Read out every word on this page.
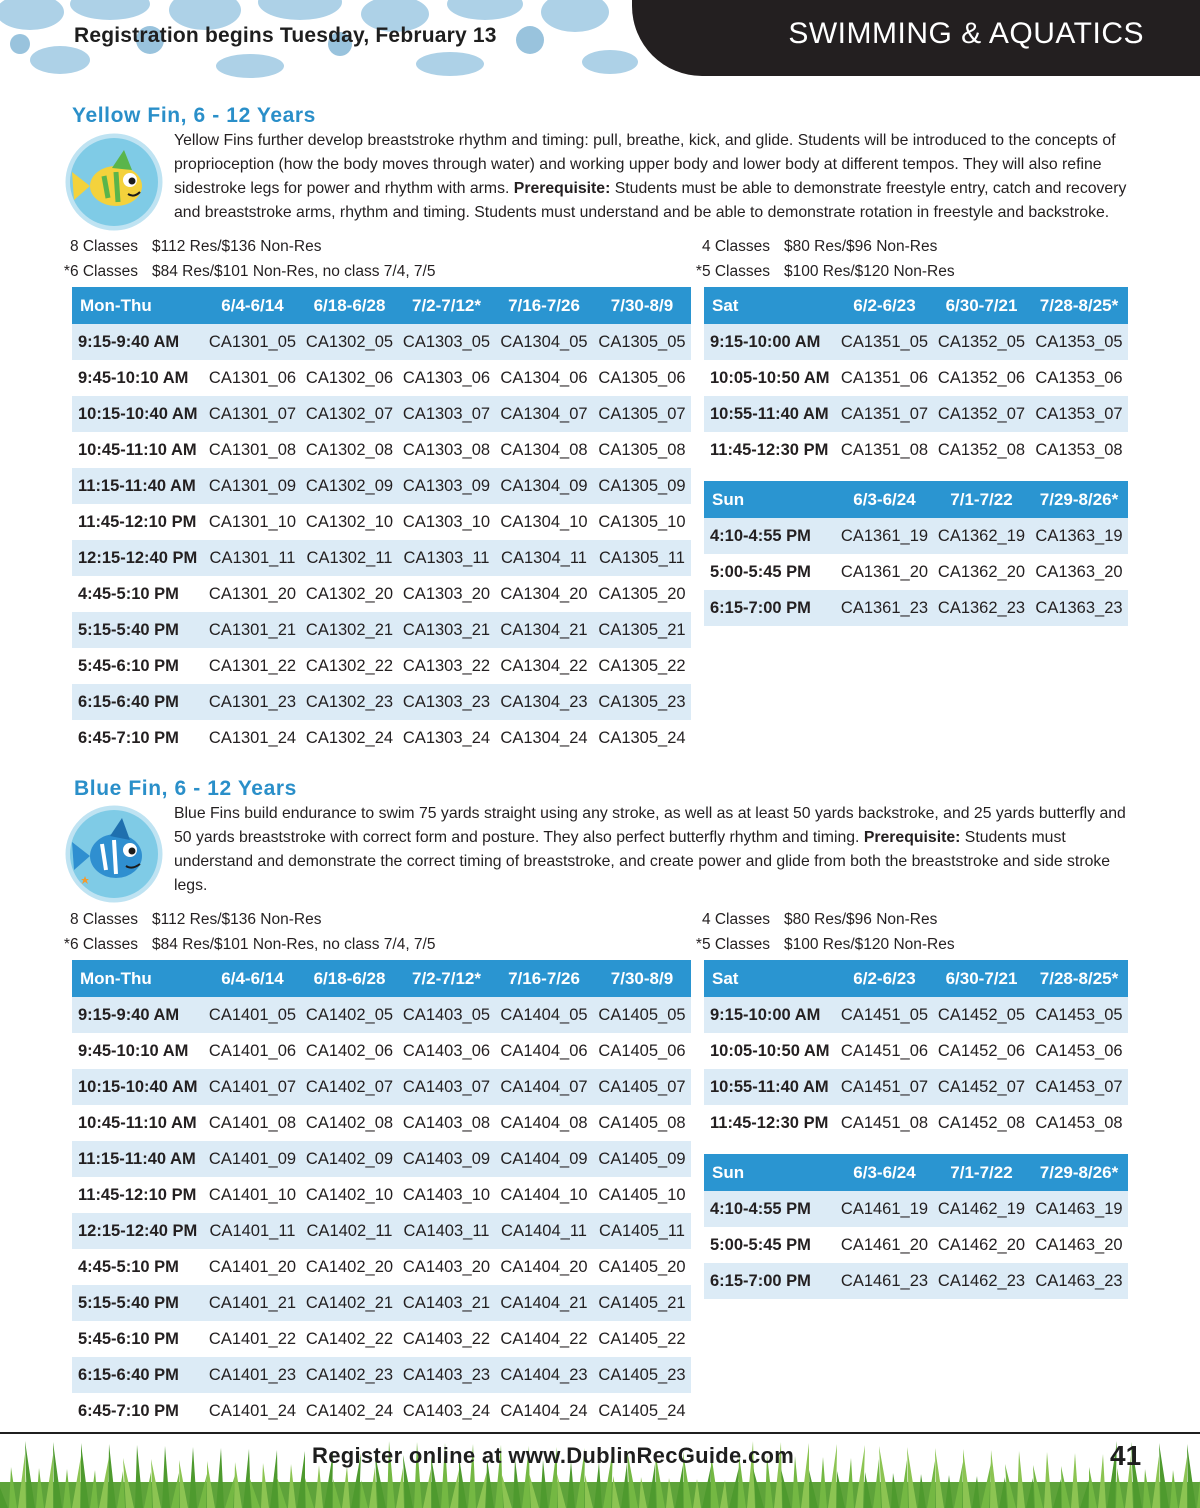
Registration begins Tuesday, February 13	SWIMMING & AQUATICS
Yellow Fin, 6 - 12 Years
Yellow Fins further develop breaststroke rhythm and timing: pull, breathe, kick, and glide. Students will be introduced to the concepts of proprioception (how the body moves through water) and working upper body and lower body at different tempos. They will also refine sidestroke legs for power and rhythm with arms. Prerequisite: Students must be able to demonstrate freestyle entry, catch and recovery and breaststroke arms, rhythm and timing. Students must understand and be able to demonstrate rotation in freestyle and backstroke.
8 Classes $112 Res/$136 Non-Res
*6 Classes $84 Res/$101 Non-Res, no class 7/4, 7/5
4 Classes $80 Res/$96 Non-Res
*5 Classes $100 Res/$120 Non-Res
Mon-Thu	6/4-6/14	6/18-6/28	7/2-7/12*	7/16-7/26	7/30-8/9
9:15-9:40 AM	CA1301_05	CA1302_05	CA1303_05	CA1304_05	CA1305_05
9:45-10:10 AM	CA1301_06	CA1302_06	CA1303_06	CA1304_06	CA1305_06
10:15-10:40 AM	CA1301_07	CA1302_07	CA1303_07	CA1304_07	CA1305_07
10:45-11:10 AM	CA1301_08	CA1302_08	CA1303_08	CA1304_08	CA1305_08
11:15-11:40 AM	CA1301_09	CA1302_09	CA1303_09	CA1304_09	CA1305_09
11:45-12:10 PM	CA1301_10	CA1302_10	CA1303_10	CA1304_10	CA1305_10
12:15-12:40 PM	CA1301_11	CA1302_11	CA1303_11	CA1304_11	CA1305_11
4:45-5:10 PM	CA1301_20	CA1302_20	CA1303_20	CA1304_20	CA1305_20
5:15-5:40 PM	CA1301_21	CA1302_21	CA1303_21	CA1304_21	CA1305_21
5:45-6:10 PM	CA1301_22	CA1302_22	CA1303_22	CA1304_22	CA1305_22
6:15-6:40 PM	CA1301_23	CA1302_23	CA1303_23	CA1304_23	CA1305_23
6:45-7:10 PM	CA1301_24	CA1302_24	CA1303_24	CA1304_24	CA1305_24
Sat	6/2-6/23	6/30-7/21	7/28-8/25*
9:15-10:00 AM	CA1351_05	CA1352_05	CA1353_05
10:05-10:50 AM	CA1351_06	CA1352_06	CA1353_06
10:55-11:40 AM	CA1351_07	CA1352_07	CA1353_07
11:45-12:30 PM	CA1351_08	CA1352_08	CA1353_08
Sun	6/3-6/24	7/1-7/22	7/29-8/26*
4:10-4:55 PM	CA1361_19	CA1362_19	CA1363_19
5:00-5:45 PM	CA1361_20	CA1362_20	CA1363_20
6:15-7:00 PM	CA1361_23	CA1362_23	CA1363_23
Blue Fin, 6 - 12 Years
Blue Fins build endurance to swim 75 yards straight using any stroke, as well as at least 50 yards backstroke, and 25 yards butterfly and 50 yards breaststroke with correct form and posture. They also perfect butterfly rhythm and timing. Prerequisite: Students must understand and demonstrate the correct timing of breaststroke, and create power and glide from both the breaststroke and side stroke legs.
8 Classes $112 Res/$136 Non-Res
*6 Classes $84 Res/$101 Non-Res, no class 7/4, 7/5
4 Classes $80 Res/$96 Non-Res
*5 Classes $100 Res/$120 Non-Res
Mon-Thu	6/4-6/14	6/18-6/28	7/2-7/12*	7/16-7/26	7/30-8/9
9:15-9:40 AM	CA1401_05	CA1402_05	CA1403_05	CA1404_05	CA1405_05
9:45-10:10 AM	CA1401_06	CA1402_06	CA1403_06	CA1404_06	CA1405_06
10:15-10:40 AM	CA1401_07	CA1402_07	CA1403_07	CA1404_07	CA1405_07
10:45-11:10 AM	CA1401_08	CA1402_08	CA1403_08	CA1404_08	CA1405_08
11:15-11:40 AM	CA1401_09	CA1402_09	CA1403_09	CA1404_09	CA1405_09
11:45-12:10 PM	CA1401_10	CA1402_10	CA1403_10	CA1404_10	CA1405_10
12:15-12:40 PM	CA1401_11	CA1402_11	CA1403_11	CA1404_11	CA1405_11
4:45-5:10 PM	CA1401_20	CA1402_20	CA1403_20	CA1404_20	CA1405_20
5:15-5:40 PM	CA1401_21	CA1402_21	CA1403_21	CA1404_21	CA1405_21
5:45-6:10 PM	CA1401_22	CA1402_22	CA1403_22	CA1404_22	CA1405_22
6:15-6:40 PM	CA1401_23	CA1402_23	CA1403_23	CA1404_23	CA1405_23
6:45-7:10 PM	CA1401_24	CA1402_24	CA1403_24	CA1404_24	CA1405_24
Sat	6/2-6/23	6/30-7/21	7/28-8/25*
9:15-10:00 AM	CA1451_05	CA1452_05	CA1453_05
10:05-10:50 AM	CA1451_06	CA1452_06	CA1453_06
10:55-11:40 AM	CA1451_07	CA1452_07	CA1453_07
11:45-12:30 PM	CA1451_08	CA1452_08	CA1453_08
Sun	6/3-6/24	7/1-7/22	7/29-8/26*
4:10-4:55 PM	CA1461_19	CA1462_19	CA1463_19
5:00-5:45 PM	CA1461_20	CA1462_20	CA1463_20
6:15-7:00 PM	CA1461_23	CA1462_23	CA1463_23
Register online at www.DublinRecGuide.com	41
